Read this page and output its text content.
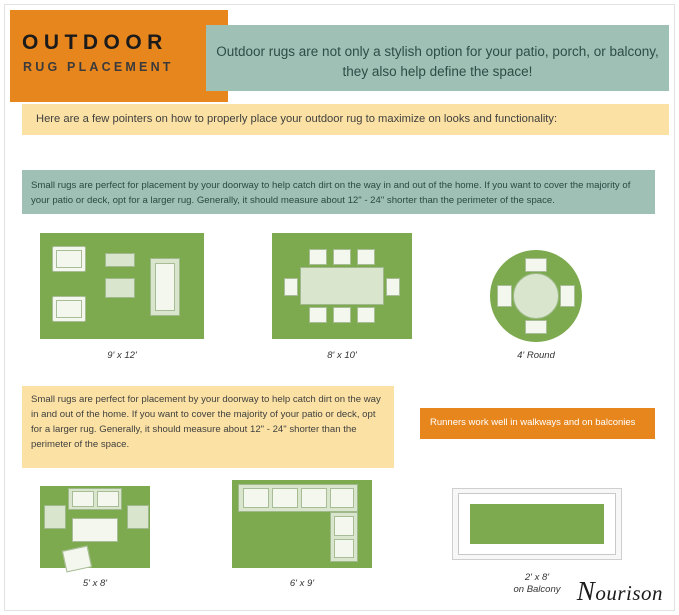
OUTDOOR
RUG PLACEMENT
Outdoor rugs are not only a stylish option for your patio, porch, or balcony, they also help define the space!
Here are a few pointers on how to properly place your outdoor rug to maximize on looks and functionality:
Small rugs are perfect for placement by your doorway to help catch dirt on the way in and out of the home. If you want to cover the majority of your patio or deck, opt for a larger rug. Generally, it should measure about 12" - 24" shorter than the perimeter of the space.
9' x 12'	8' x 10'	4' Round
Small rugs are perfect for placement by your doorway to help catch dirt on the way in and out of the home. If you want to cover the majority of your patio or deck, opt for a larger rug. Generally, it should measure about 12" - 24" shorter than the perimeter of the space.
Runners work well in walkways and on balconies
5' x 8'	6' x 9'
2' x 8'
on Balcony Nourison
